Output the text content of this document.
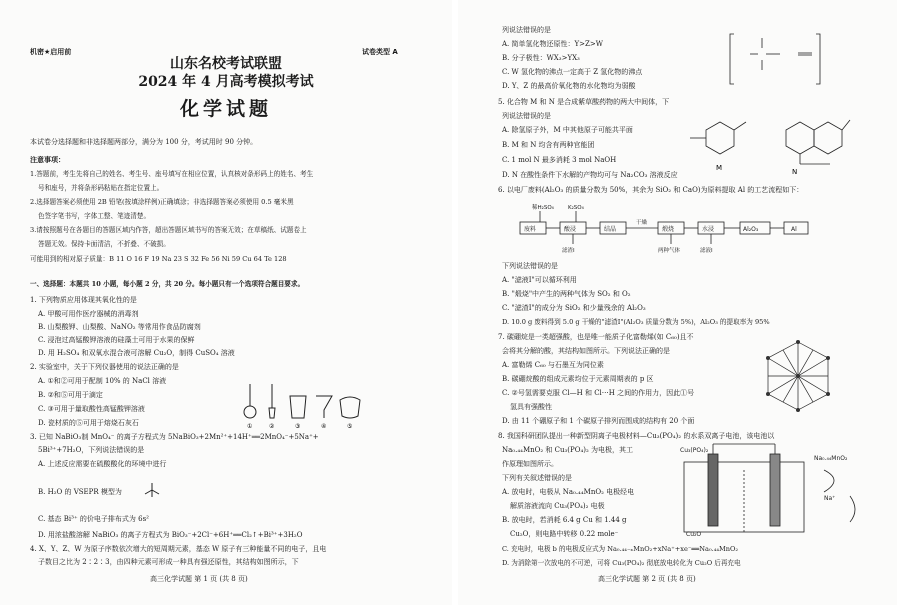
机密★启用前	试卷类型 A
山东名校考试联盟
2024 年 4 月高考模拟考试
化学试题
本试卷分选择题和非选择题两部分，满分为 100 分，考试用时 90 分钟。
注意事项：
1.答题前，考生先将自己的姓名、考生号、座号填写在相应位置，认真核对条形码上的姓名、考生
号和座号，并将条形码粘贴在指定位置上。
2.选择题答案必须使用 2B 铅笔(按填涂样例)正确填涂；非选择题答案必须使用 0.5 毫米黑
色签字笔书写，字体工整、笔迹清楚。
3.请按照题号在各题目的答题区域内作答，超出答题区域书写的答案无效；在草稿纸、试题卷上
答题无效。保持卡面清洁，不折叠、不破损。
可能用到的相对原子质量：B 11 O 16 F 19 Na 23 S 32 Fe 56 Ni 59 Cu 64 Te 128
一、选择题：本题共 10 小题，每小题 2 分，共 20 分。每小题只有一个选项符合题目要求。
1. 下列物质应用体现其氧化性的是
A. 甲酸可用作医疗器械的消毒剂
B. 山梨酸钾、山梨酸、NaNO₂ 等常用作食品防腐剂
C. 浸泡过高锰酸钾溶液的硅藻土可用于水果的保鲜
D. 用 H₂SO₄ 和双氧水混合液可溶解 Cu₂O，制得 CuSO₄ 溶液
2. 实验室中，关于下列仪器使用的说法正确的是
A. ①和②可用于配制 10% 的 NaCl 溶液
B. ②和⑤可用于滴定
C. ③可用于量取酸性高锰酸钾溶液
D. 瓷材质的⑤可用于熔烧石灰石	①	②	③	④	⑤
3. 已知 NaBiO₃制 MnO₄⁻ 的离子方程式为 5NaBiO₃+2Mn²⁺+14H⁺══2MnO₄⁻+5Na⁺+
5Bi³⁺+7H₂O，下列说法错误的是
A. 上述反应需要在硫酸酸化的环境中进行
B. H₂O 的 VSEPR 模型为
C. 基态 Bi³⁺ 的价电子排布式为 6s²
D. 用浓盐酸溶解 NaBiO₃ 的离子方程式为 BiO₃⁻+2Cl⁻+6H⁺══Cl₂↑+Bi³⁺+3H₂O
4. X、Y、Z、W 为原子序数依次增大的短周期元素，基态 W 原子有三种能量不同的电子，且电
子数目之比为 2∶2∶3，由四种元素可形成一种具有强还原性，其结构如图所示，下
高三化学试题 第 1 页 (共 8 页)
列说法错误的是
A. 简单氢化物还原性：Y>Z>W
B. 分子极性：WX₃>YX₃
C. W 氢化物的沸点一定高于 Z 氢化物的沸点
D. Y、Z 的最高价氧化物的水化物均为弱酸
5. 化合物 M 和 N 是合成紫草酸药物的两大中间体，下
列说法错误的是
A. 除氢原子外，M 中其他原子可能共平面
B. M 和 N 均含有两种官能团
C. 1 mol N 最多消耗 3 mol NaOH
D. N 在酸性条件下水解的产物均可与 Na₂CO₃ 溶液反应
M	N
6. 以电厂废料(Al₂O₃ 的质量分数为 50%，其余为 SiO₂ 和 CaO)为原料提取 Al 的工艺流程如下：
稀H₂SO₄	K₂SO₄
干燥
废料	酸浸	结晶	煅烧	水浸	Al₂O₃	Al
滤渣Ⅰ	两种气体	滤液Ⅰ
下列说法错误的是
A. "滤液Ⅰ"可以循环利用
B. "煅烧"中产生的两种气体为 SO₂ 和 O₂
C. "滤渣Ⅰ"的成分为 SiO₂ 和少量残余的 Al₂O₃
D. 10.0 g 废料得到 5.0 g 干燥的"滤渣Ⅰ"(Al₂O₃ 质量分数为 5%)，Al₂O₃ 的提取率为 95%
7. 碳硼烷是一类超强酸，也是唯一能质子化富勒烯(如 C₆₀)且不
会将其分解的酸，其结构如图所示。下列说法正确的是
A. 富勒烯 C₆₀ 与石墨互为同位素
B. 碳硼烷酸的组成元素均位于元素周期表的 p 区
C. ②号氢需要克服 Cl—H 和 Cl⋯H 之间的作用力，因此①号
氢具有强酸性
D. 由 11 个硼原子和 1 个碳原子排列而围成的结构有 20 个面
8. 我国科研团队提出一种新型阴离子电极材料—Cu₃(PO₄)₂ 的水系双离子电池，该电池以
Na₀.₄₄MnO₂ 和 Cu₃(PO₄)₂ 为电极，其工
作原理如图所示。
下列有关叙述错误的是
A. 放电时，电极从 Na₀.₄₄MnO₂ 电极经电
解质溶液流向 Cu₃(PO₄)₂ 电极
B. 放电时，若消耗 6.4 g Cu 和 1.44 g
Cu₂O，则电路中转移 0.22 mole⁻
C. 充电时，电极 b 的电极反应式为 Na₀.₄₄₋ₓMnO₂+xNa⁺+xe⁻══Na₀.₄₄MnO₂
D. 为消除第一次放电的不可逆，可将 Cu₃(PO₄)₂ 彻底放电转化为 Cu₂O 后再充电
Cu₃(PO₄)₂
Na₀.₄₄MnO₂
Na⁺
Cu₂O
高三化学试题 第 2 页 (共 8 页)
